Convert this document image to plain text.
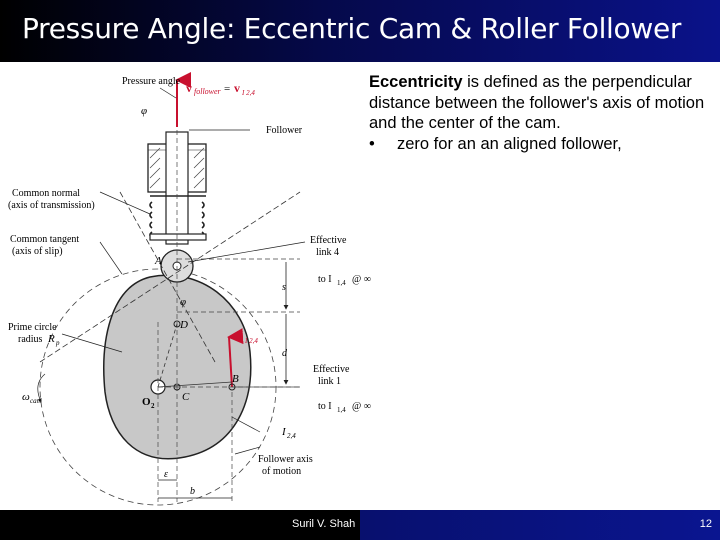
Pressure Angle: Eccentric Cam & Roller Follower
Pressure angle
φ
v follower = v I 2,4
Follower
Common normal
(axis of transmission)
Common tangent
(axis of slip)
Effective
link 4
to I 1,4 @ ∞
A
φ
D
s
d
v
I 2,4
Prime circle
radius R p
Effective
link 1
B
C
O 2
ω cam	to I 1,4 @ ∞
I 2,4
Follower axis
of motion
ε
b
Eccentricity is defined as the perpendicular distance between the follower's axis of motion and the center of the cam.
•	zero for an an aligned follower,
Suril V. Shah	12
